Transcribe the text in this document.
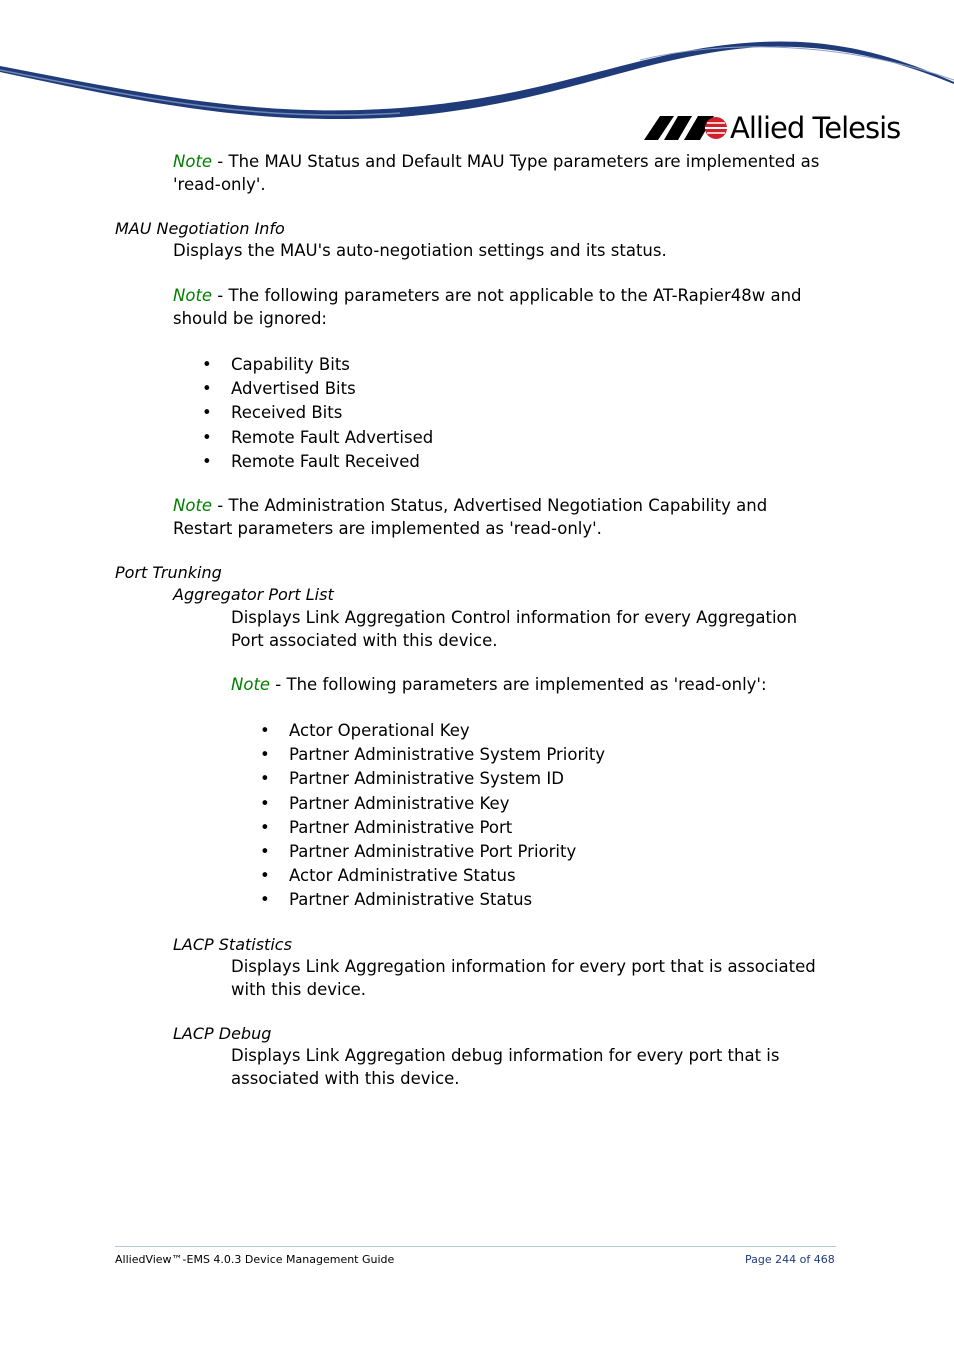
Allied Telesis

Note - The MAU Status and Default MAU Type parameters are implemented as 'read-only'.

MAU Negotiation Info

Displays the MAU's auto-negotiation settings and its status.

Note - The following parameters are not applicable to the AT-Rapier48w and should be ignored:

• Capability Bits
• Advertised Bits
• Received Bits
• Remote Fault Advertised
• Remote Fault Received

Note - The Administration Status, Advertised Negotiation Capability and Restart parameters are implemented as 'read-only'.

Port Trunking

Aggregator Port List

Displays Link Aggregation Control information for every Aggregation Port associated with this device.

Note - The following parameters are implemented as 'read-only':

• Actor Operational Key
• Partner Administrative System Priority
• Partner Administrative System ID
• Partner Administrative Key
• Partner Administrative Port
• Partner Administrative Port Priority
• Actor Administrative Status
• Partner Administrative Status

LACP Statistics

Displays Link Aggregation information for every port that is associated with this device.

LACP Debug

Displays Link Aggregation debug information for every port that is associated with this device.

AlliedView™-EMS 4.0.3 Device Management Guide	Page 244 of 468
